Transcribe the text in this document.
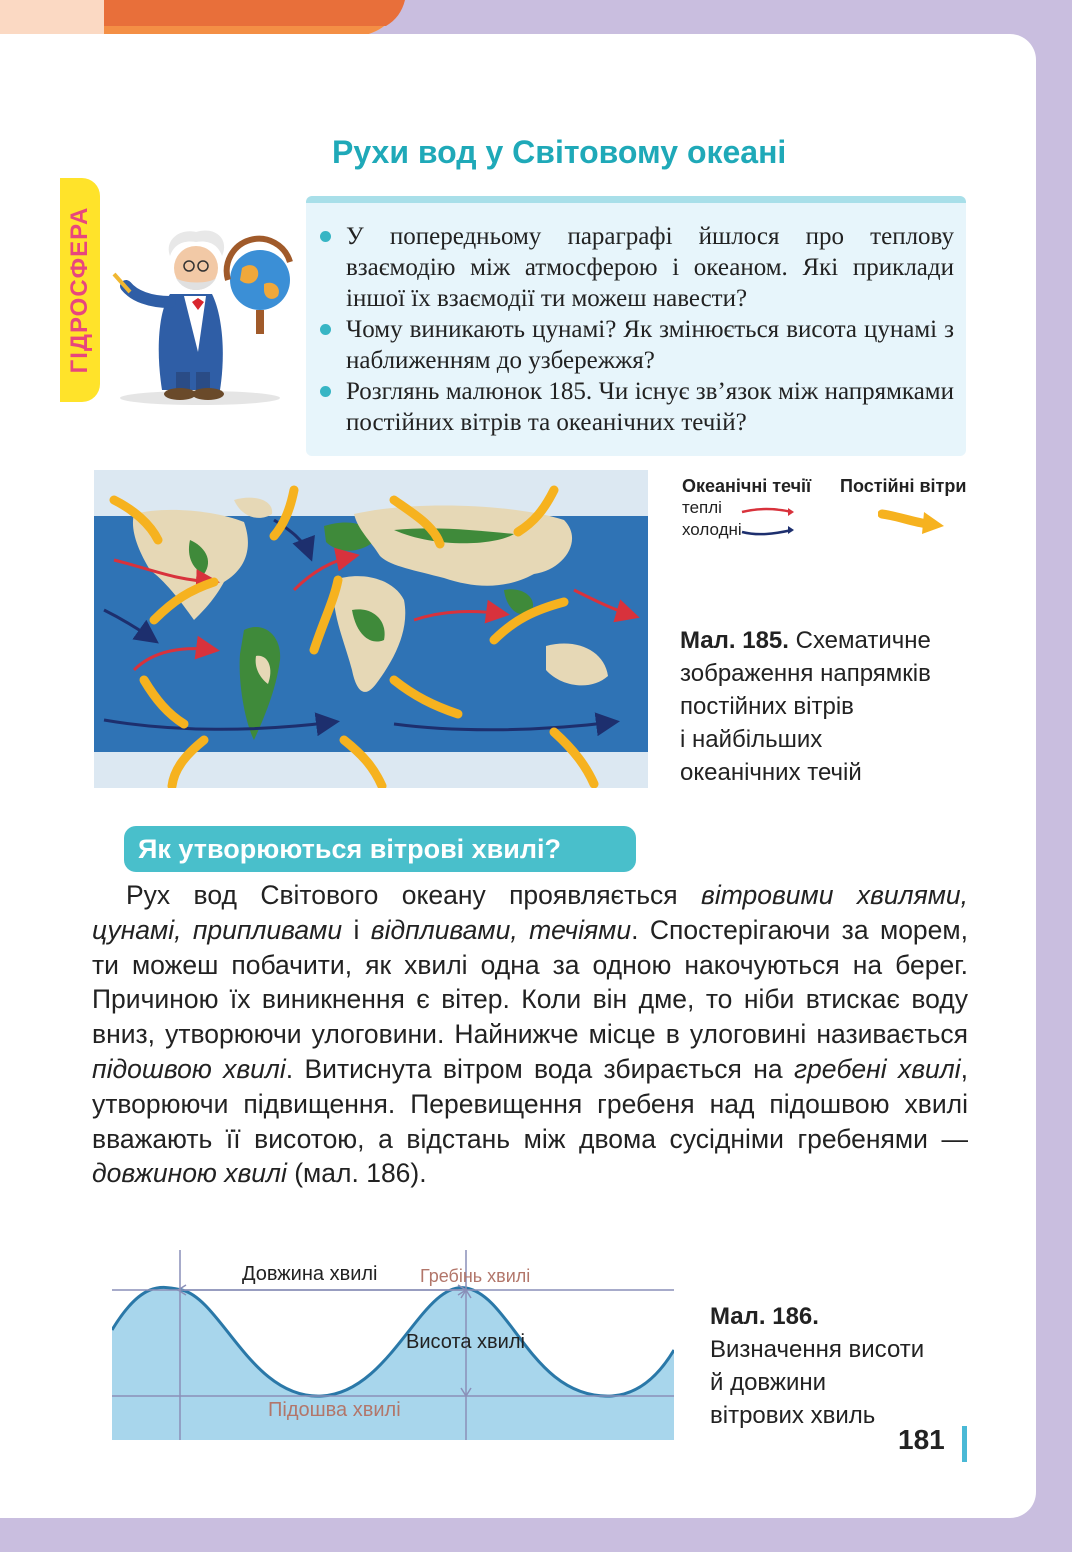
34
ГІДРОСФЕРА
Рухи вод у Світовому океані
У попередньому параграфі йшлося про теплову взаємодію між атмосферою і океаном. Які приклади іншої їх взаємодії ти можеш навести?
Чому виникають цунамі? Як змінюється висота цунамі з наближенням до узбережжя?
Розглянь малюнок 185. Чи існує зв’язок між напрямками постійних вітрів та океанічних течій?
Океанічні течії Постійні вітри
теплі
холодні
Мал. 185. Схематичне
зображення напрямків
постійних вітрів
і найбільших
океанічних течій
Як утворюються вітрові хвилі?

Рух вод Світового океану проявляється вітровими хвилями, цунамі, припливами і відпливами, течіями. Спостерігаючи за морем, ти можеш побачити, як хвилі одна за одною накочуються на берег. Причиною їх виникнення є вітер. Коли він дме, то ніби втискає воду вниз, утворюючи улоговини. Найнижче місце в улоговині називається підошвою хвилі. Витиснута вітром вода збирається на гребені хвилі, утворюючи підвищення. Перевищення гребеня над підошвою хвилі вважають її висотою, а відстань між двома сусідніми гребенями — довжиною хвилі (мал. 186).

Довжина хвилі Гребінь хвилі
Висота хвилі
Підошва хвилі
Мал. 186.
Визначення висоти
й довжини
вітрових хвиль
181
